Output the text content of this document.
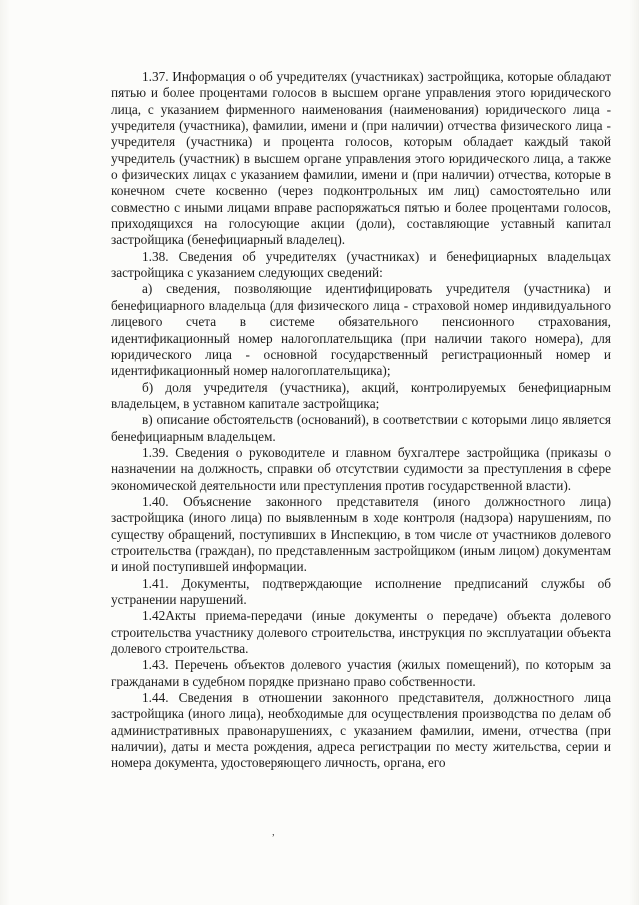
1.37. Информация о об учредителях (участниках) застройщика, которые обладают пятью и более процентами голосов в высшем органе управления этого юридического лица, с указанием фирменного наименования (наименования) юридического лица - учредителя (участника), фамилии, имени и (при наличии) отчества физического лица - учредителя (участника) и процента голосов, которым обладает каждый такой учредитель (участник) в высшем органе управления этого юридического лица, а также о физических лицах с указанием фамилии, имени и (при наличии) отчества, которые в конечном счете косвенно (через подконтрольных им лиц) самостоятельно или совместно с иными лицами вправе распоряжаться пятью и более процентами голосов, приходящихся на голосующие акции (доли), составляющие уставный капитал застройщика (бенефициарный владелец).

1.38. Сведения об учредителях (участниках) и бенефициарных владельцах застройщика с указанием следующих сведений:

а) сведения, позволяющие идентифицировать учредителя (участника) и бенефициарного владельца (для физического лица - страховой номер индивидуального лицевого счета в системе обязательного пенсионного страхования, идентификационный номер налогоплательщика (при наличии такого номера), для юридического лица - основной государственный регистрационный номер и идентификационный номер налогоплательщика);

б) доля учредителя (участника), акций, контролируемых бенефициарным владельцем, в уставном капитале застройщика;

в) описание обстоятельств (оснований), в соответствии с которыми лицо является бенефициарным владельцем.

1.39. Сведения о руководителе и главном бухгалтере застройщика (приказы о назначении на должность, справки об отсутствии судимости за преступления в сфере экономической деятельности или преступления против государственной власти).

1.40. Объяснение законного представителя (иного должностного лица) застройщика (иного лица) по выявленным в ходе контроля (надзора) нарушениям, по существу обращений, поступивших в Инспекцию, в том числе от участников долевого строительства (граждан), по представленным застройщиком (иным лицом) документам и иной поступившей информации.

1.41. Документы, подтверждающие исполнение предписаний службы об устранении нарушений.

1.42Акты приема-передачи (иные документы о передаче) объекта долевого строительства участнику долевого строительства, инструкция по эксплуатации объекта долевого строительства.

1.43. Перечень объектов долевого участия (жилых помещений), по которым за гражданами в судебном порядке признано право собственности.

1.44. Сведения в отношении законного представителя, должностного лица застройщика (иного лица), необходимые для осуществления производства по делам об административных правонарушениях, с указанием фамилии, имени, отчества (при наличии), даты и места рождения, адреса регистрации по месту жительства, серии и номера документа, удостоверяющего личность, органа, его

,
